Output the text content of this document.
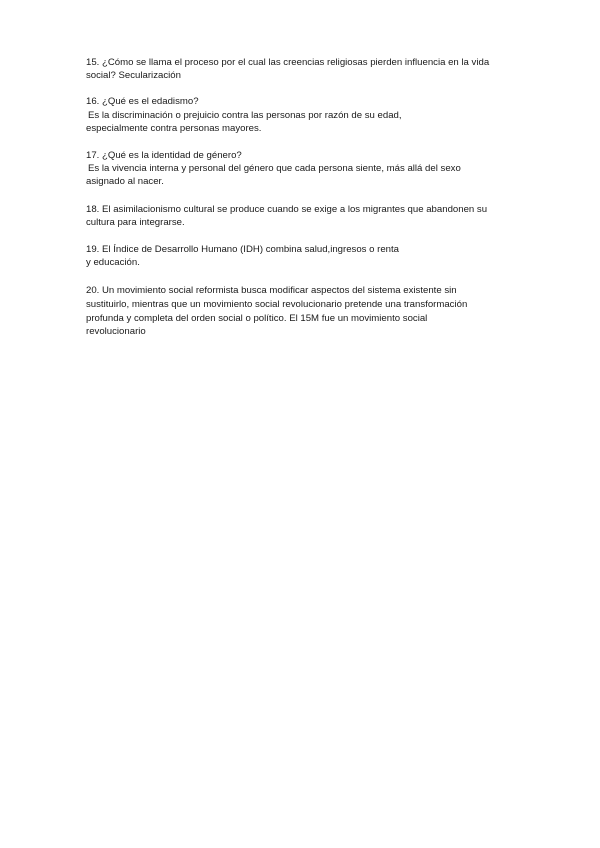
15. ¿Cómo se llama el proceso por el cual las creencias religiosas pierden influencia en la vida
social? Secularización
16. ¿Qué es el edadismo?
Es la discriminación o prejuicio contra las personas por razón de su edad,
especialmente contra personas mayores.
17. ¿Qué es la identidad de género?
Es la vivencia interna y personal del género que cada persona siente, más allá del sexo
asignado al nacer.
18. El asimilacionismo cultural se produce cuando se exige a los migrantes que abandonen su
cultura para integrarse.
19. El Índice de Desarrollo Humano (IDH) combina salud,ingresos o renta
y educación.
20. Un movimiento social reformista busca modificar aspectos del sistema existente sin
sustituirlo, mientras que un movimiento social revolucionario pretende una transformación
profunda y completa del orden social o político. El 15M fue un movimiento social
revolucionario
